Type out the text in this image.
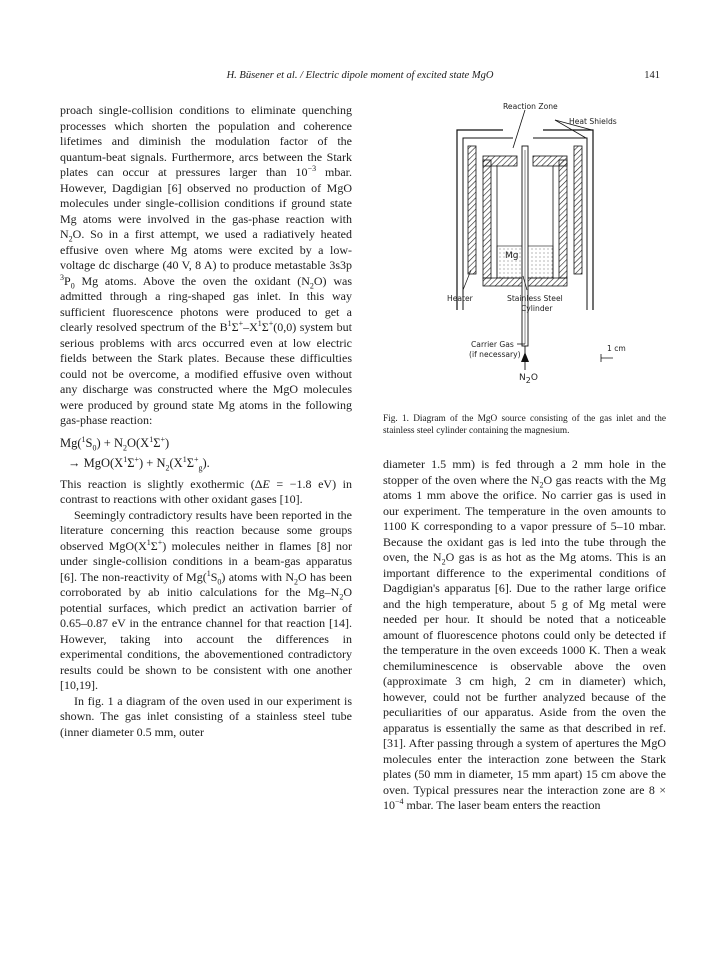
H. Büsener et al. / Electric dipole moment of excited state MgO	141

proach single-collision conditions to eliminate quenching processes which shorten the population and coherence lifetimes and diminish the modulation factor of the quantum-beat signals. Furthermore, arcs between the Stark plates can occur at pressures larger than $10^{-3}$ mbar. However, Dagdigian [6] observed no production of MgO molecules under single-collision conditions if ground state Mg atoms were involved in the gas-phase reaction with $N_2O$. So in a first attempt, we used a radiatively heated effusive oven where Mg atoms were excited by a low-voltage dc discharge (40 V, 8 A) to produce metastable 3s3p $^3P_0$ Mg atoms. Above the oven the oxidant $(N_2O)$ was admitted through a ring-shaped gas inlet. In this way sufficient fluorescence photons were produced to get a clearly resolved spectrum of the $B^1\Sigma^+-X^1\Sigma^+(0,0)$ system but serious problems with arcs occurred even at low electric fields between the Stark plates. Because these difficulties could not be overcome, a modified effusive oven without any discharge was constructed where the MgO molecules were produced by ground state Mg atoms in the following gas-phase reaction:

$Mg(^1S_0) + N_2O(X^1\Sigma^+)$
→ $MgO(X^1\Sigma^+) + N_2(X^1\Sigma^+_g)$.

This reaction is slightly exothermic (ΔE = −1.8 eV) in contrast to reactions with other oxidant gases [10].

Seemingly contradictory results have been reported in the literature concerning this reaction because some groups observed $MgO(X^1\Sigma^+)$ molecules neither in flames [8] nor under single-collision conditions in a beam-gas apparatus [6]. The non-reactivity of $Mg(^1S_0)$ atoms with $N_2O$ has been corroborated by ab initio calculations for the $Mg-N_2O$ potential surfaces, which predict an activation barrier of 0.65–0.87 eV in the entrance channel for that reaction [14]. However, taking into account the differences in experimental conditions, the abovementioned contradictory results could be shown to be consistent with one another [10,19].

In fig. 1 a diagram of the oven used in our experiment is shown. The gas inlet consisting of a stainless steel tube (inner diameter 0.5 mm, outer

Reaction Zone
Heat Shields
Mg
Heater	Stainless Steel
Cylinder
Carrier Gas
(if necessary)
$N_2O$
1 cm
Fig. 1. Diagram of the MgO source consisting of the gas inlet and the stainless steel cylinder containing the magnesium.

diameter 1.5 mm) is fed through a 2 mm hole in the stopper of the oven where the $N_2O$ gas reacts with the Mg atoms 1 mm above the orifice. No carrier gas is used in our experiment. The temperature in the oven amounts to 1100 K corresponding to a vapor pressure of 5–10 mbar. Because the oxidant gas is led into the tube through the oven, the $N_2O$ gas is as hot as the Mg atoms. This is an important difference to the experimental conditions of Dagdigian's apparatus [6]. Due to the rather large orifice and the high temperature, about 5 g of Mg metal were needed per hour. It should be noted that a noticeable amount of fluorescence photons could only be detected if the temperature in the oven exceeds 1000 K. Then a weak chemiluminescence is observable above the oven (approximate 3 cm high, 2 cm in diameter) which, however, could not be further analyzed because of the peculiarities of our apparatus. Aside from the oven the apparatus is essentially the same as that described in ref. [31]. After passing through a system of apertures the MgO molecules enter the interaction zone between the Stark plates (50 mm in diameter, 15 mm apart) 15 cm above the oven. Typical pressures near the interaction zone are $8 \times 10^{-4}$ mbar. The laser beam enters the reaction
